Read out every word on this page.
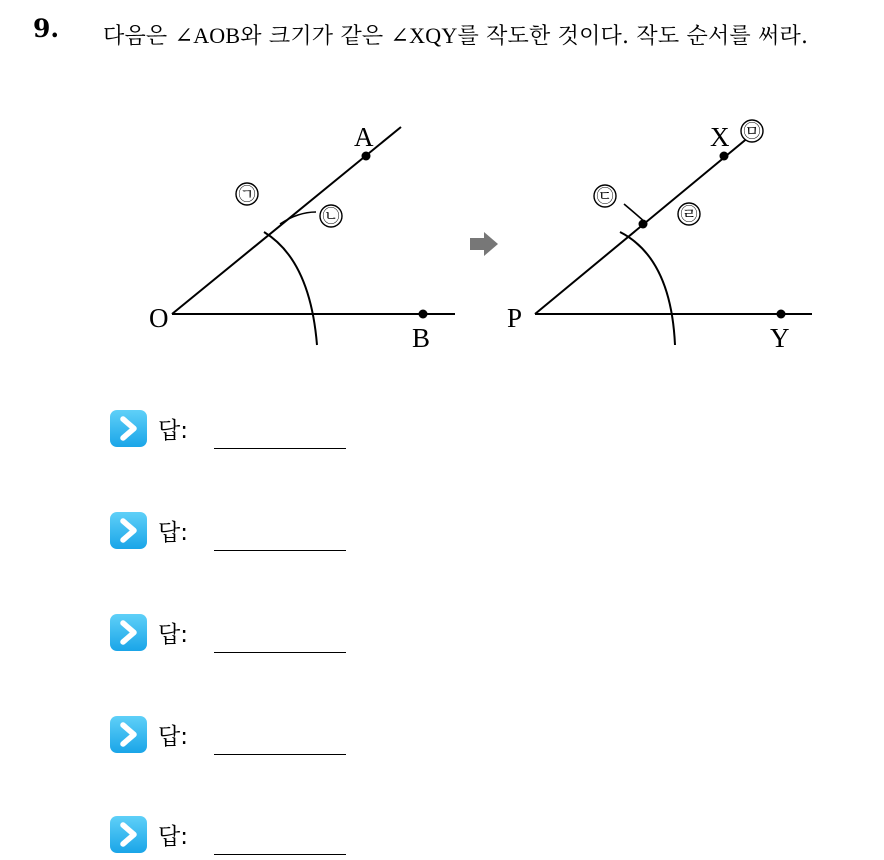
9. 다음은 ∠AOB와 크기가 같은 ∠XQY를 작도한 것이다. 작도 순서를 써라.
O
A
B
㉠
㉡
P
X
Y
㉢
㉣
㉤
답:
답:
답:
답:
답:
